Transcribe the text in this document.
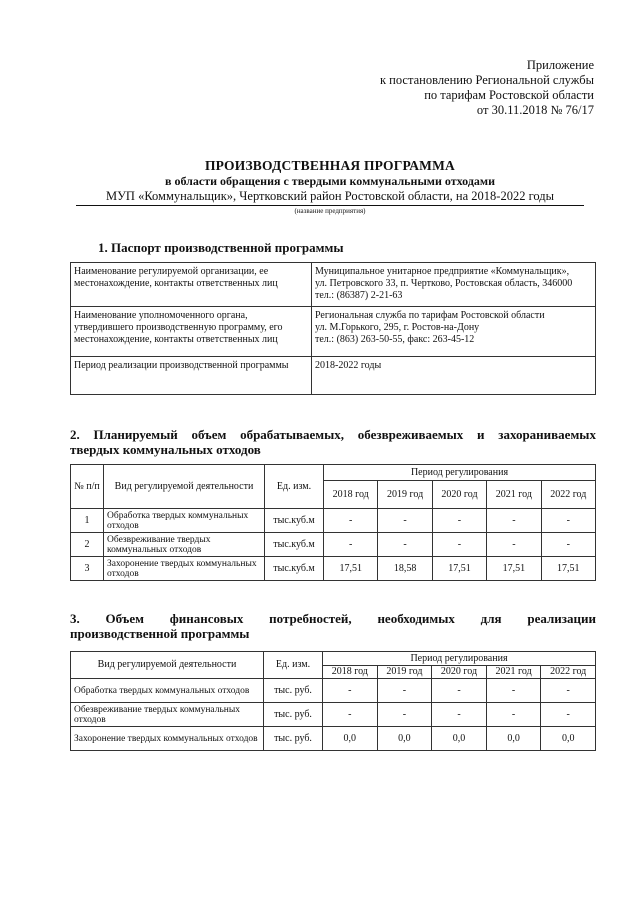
Приложение
к постановлению Региональной службы
по тарифам Ростовской области
от 30.11.2018 № 76/17
ПРОИЗВОДСТВЕННАЯ ПРОГРАММА
в области обращения с твердыми коммунальными отходами
МУП «Коммунальщик», Чертковский район Ростовской области, на 2018-2022 годы
(название предприятия)
1. Паспорт производственной программы
Наименование регулируемой организации, ее местонахождение, контакты ответственных лиц	Муниципальное унитарное предприятие «Коммунальщик»,
ул. Петровского 33, п. Чертково, Ростовская область, 346000
тел.: (86387) 2-21-63

Наименование уполномоченного органа, утвердившего производственную программу, его местонахождение, контакты ответственных лиц	Региональная служба по тарифам Ростовской области
ул. М.Горького, 295, г. Ростов-на-Дону
тел.: (863) 263-50-55, факс: 263-45-12

Период реализации производственной программы	2018-2022 годы
2. Планируемый объем обрабатываемых, обезвреживаемых и захораниваемых
твердых коммунальных отходов
№ п/п	Вид регулируемой деятельности	Ед. изм.	Период регулирования				
			2018 год	2019 год	2020 год	2021 год	2022 год
1	Обработка твердых коммунальных отходов	тыс.куб.м	-	-	-	-	-
2	Обезвреживание твердых коммунальных отходов	тыс.куб.м	-	-	-	-	-
3	Захоронение твердых коммунальных отходов	тыс.куб.м	17,51	18,58	17,51	17,51	17,51
3. Объем финансовых потребностей, необходимых для реализации
производственной программы
Вид регулируемой деятельности	Ед. изм.	Период регулирования				
		2018 год	2019 год	2020 год	2021 год	2022 год
Обработка твердых коммунальных отходов	тыс. руб.	-	-	-	-	-
Обезвреживание твердых коммунальных отходов	тыс. руб.	-	-	-	-	-
Захоронение твердых коммунальных отходов	тыс. руб.	0,0	0,0	0,0	0,0	0,0
